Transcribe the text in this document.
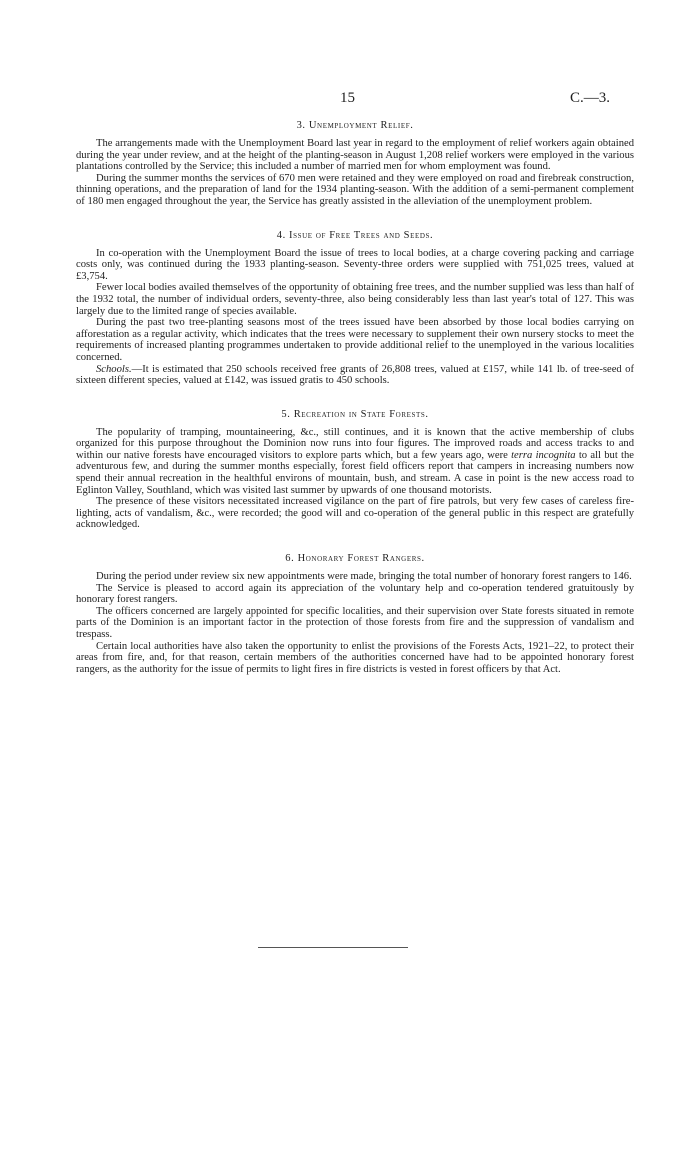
15	C.—3.
3. Unemployment Relief.

The arrangements made with the Unemployment Board last year in regard to the employment of relief workers again obtained during the year under review, and at the height of the planting-season in August 1,208 relief workers were employed in the various plantations controlled by the Service; this included a number of married men for whom employment was found.

During the summer months the services of 670 men were retained and they were employed on road and firebreak construction, thinning operations, and the preparation of land for the 1934 planting-season. With the addition of a semi-permanent complement of 180 men engaged throughout the year, the Service has greatly assisted in the alleviation of the unemployment problem.

4. Issue of Free Trees and Seeds.

In co-operation with the Unemployment Board the issue of trees to local bodies, at a charge covering packing and carriage costs only, was continued during the 1933 planting-season. Seventy-three orders were supplied with 751,025 trees, valued at £3,754.

Fewer local bodies availed themselves of the opportunity of obtaining free trees, and the number supplied was less than half of the 1932 total, the number of individual orders, seventy-three, also being considerably less than last year's total of 127. This was largely due to the limited range of species available.

During the past two tree-planting seasons most of the trees issued have been absorbed by those local bodies carrying on afforestation as a regular activity, which indicates that the trees were necessary to supplement their own nursery stocks to meet the requirements of increased planting programmes undertaken to provide additional relief to the unemployed in the various localities concerned.

Schools.—It is estimated that 250 schools received free grants of 26,808 trees, valued at £157, while 141 lb. of tree-seed of sixteen different species, valued at £142, was issued gratis to 450 schools.

5. Recreation in State Forests.

The popularity of tramping, mountaineering, &c., still continues, and it is known that the active membership of clubs organized for this purpose throughout the Dominion now runs into four figures. The improved roads and access tracks to and within our native forests have encouraged visitors to explore parts which, but a few years ago, were terra incognita to all but the adventurous few, and during the summer months especially, forest field officers report that campers in increasing numbers now spend their annual recreation in the healthful environs of mountain, bush, and stream. A case in point is the new access road to Eglinton Valley, Southland, which was visited last summer by upwards of one thousand motorists.

The presence of these visitors necessitated increased vigilance on the part of fire patrols, but very few cases of careless fire-lighting, acts of vandalism, &c., were recorded; the good will and co-operation of the general public in this respect are gratefully acknowledged.

6. Honorary Forest Rangers.

During the period under review six new appointments were made, bringing the total number of honorary forest rangers to 146.

The Service is pleased to accord again its appreciation of the voluntary help and co-operation tendered gratuitously by honorary forest rangers.

The officers concerned are largely appointed for specific localities, and their supervision over State forests situated in remote parts of the Dominion is an important factor in the protection of those forests from fire and the suppression of vandalism and trespass.

Certain local authorities have also taken the opportunity to enlist the provisions of the Forests Acts, 1921–22, to protect their areas from fire, and, for that reason, certain members of the authorities concerned have had to be appointed honorary forest rangers, as the authority for the issue of permits to light fires in fire districts is vested in forest officers by that Act.
